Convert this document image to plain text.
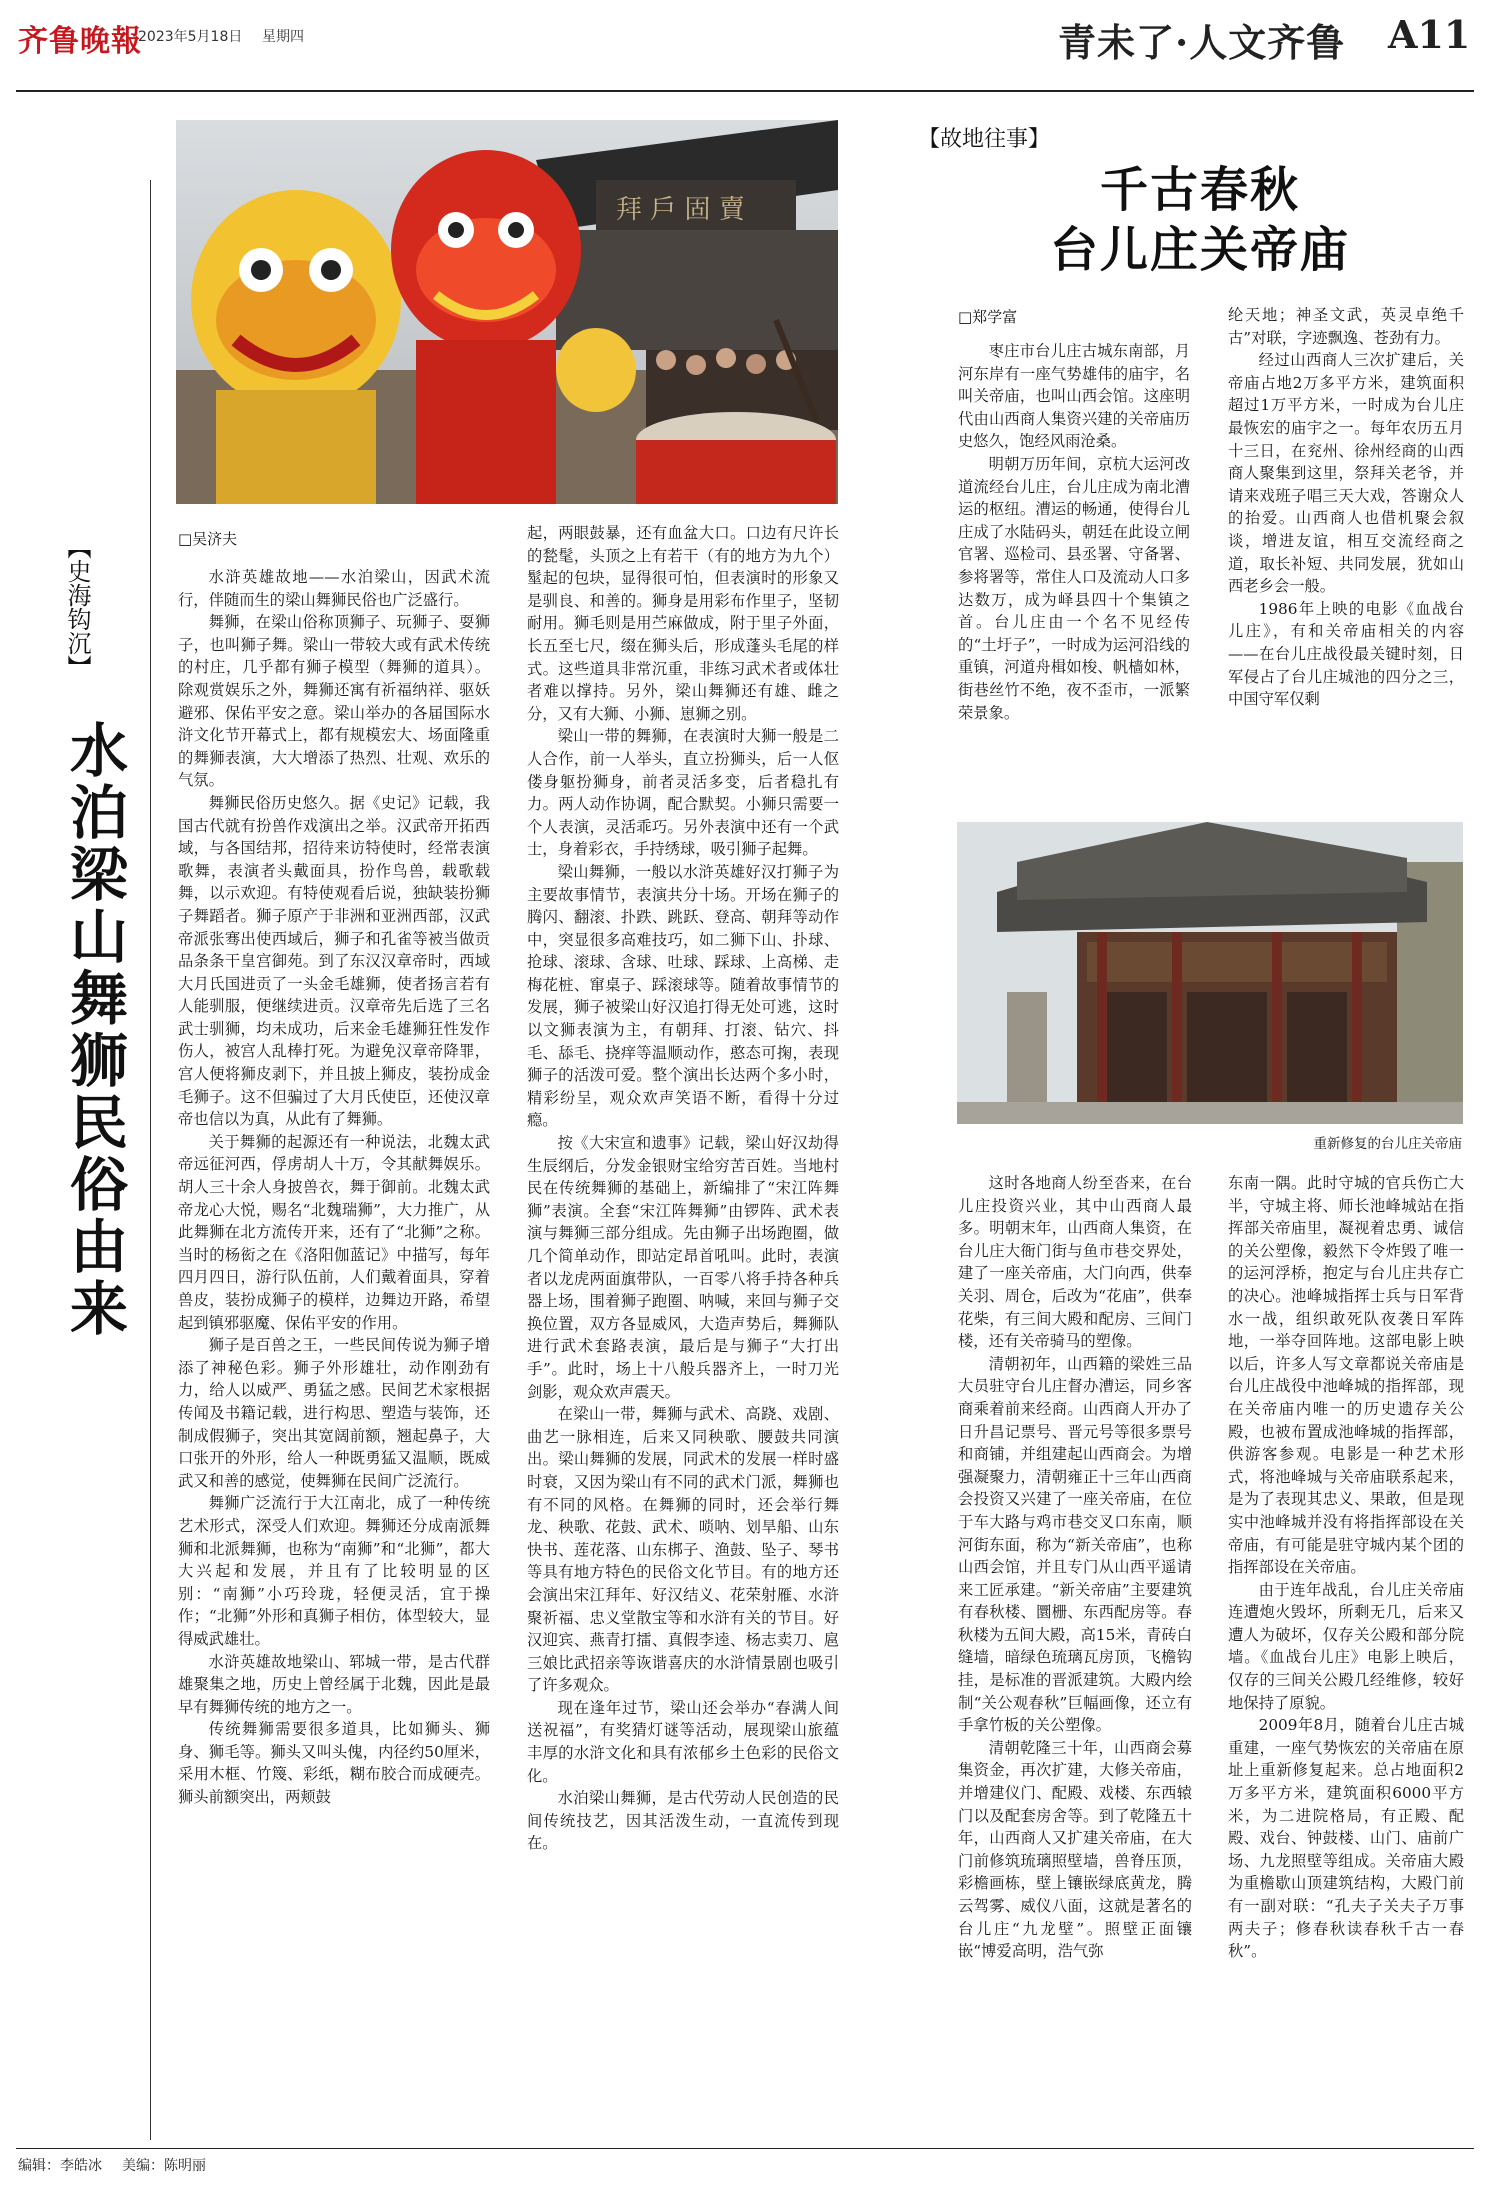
齐鲁晚報
2023年5月18日 星期四	青未了·人文齐鲁 A11
拜 戶 固 賣
【史海钩沉】
水泊梁山舞狮民俗由来
□吴济夫

水浒英雄故地——水泊梁山，因武术流行，伴随而生的梁山舞狮民俗也广泛盛行。

舞狮，在梁山俗称顶狮子、玩狮子、耍狮子，也叫狮子舞。梁山一带较大或有武术传统的村庄，几乎都有狮子模型（舞狮的道具）。除观赏娱乐之外，舞狮还寓有祈福纳祥、驱妖避邪、保佑平安之意。梁山举办的各届国际水浒文化节开幕式上，都有规模宏大、场面隆重的舞狮表演，大大增添了热烈、壮观、欢乐的气氛。

舞狮民俗历史悠久。据《史记》记载，我国古代就有扮兽作戏演出之举。汉武帝开拓西域，与各国结邦，招待来访特使时，经常表演歌舞，表演者头戴面具，扮作鸟兽，载歌载舞，以示欢迎。有特使观看后说，独缺装扮狮子舞蹈者。狮子原产于非洲和亚洲西部，汉武帝派张骞出使西域后，狮子和孔雀等被当做贡品条条干皇宫御苑。到了东汉汉章帝时，西域大月氏国进贡了一头金毛雄狮，使者扬言若有人能驯服，便继续进贡。汉章帝先后选了三名武士驯狮，均未成功，后来金毛雄狮狂性发作伤人，被宫人乱棒打死。为避免汉章帝降罪，宫人便将狮皮剥下，并且披上狮皮，装扮成金毛狮子。这不但骗过了大月氏使臣，还使汉章帝也信以为真，从此有了舞狮。

关于舞狮的起源还有一种说法，北魏太武帝远征河西，俘虏胡人十万，令其献舞娱乐。胡人三十余人身披兽衣，舞于御前。北魏太武帝龙心大悦，赐名“北魏瑞狮”，大力推广，从此舞狮在北方流传开来，还有了“北狮”之称。当时的杨衒之在《洛阳伽蓝记》中描写，每年四月四日，游行队伍前，人们戴着面具，穿着兽皮，装扮成狮子的模样，边舞边开路，希望起到镇邪驱魔、保佑平安的作用。

狮子是百兽之王，一些民间传说为狮子增添了神秘色彩。狮子外形雄壮，动作刚劲有力，给人以威严、勇猛之感。民间艺术家根据传闻及书籍记载，进行构思、塑造与装饰，还制成假狮子，突出其宽阔前额，翘起鼻子，大口张开的外形，给人一种既勇猛又温顺，既威武又和善的感觉，使舞狮在民间广泛流行。

舞狮广泛流行于大江南北，成了一种传统艺术形式，深受人们欢迎。舞狮还分成南派舞狮和北派舞狮，也称为“南狮”和“北狮”，都大大兴起和发展，并且有了比较明显的区别：“南狮”小巧玲珑，轻便灵活，宜于操作；“北狮”外形和真狮子相仿，体型较大，显得威武雄壮。

水浒英雄故地梁山、郓城一带，是古代群雄聚集之地，历史上曾经属于北魏，因此是最早有舞狮传统的地方之一。

传统舞狮需要很多道具，比如狮头、狮身、狮毛等。狮头又叫头傀，内径约50厘米，采用木框、竹篾、彩纸，糊布胶合而成硬壳。狮头前额突出，两颊鼓

起，两眼鼓暴，还有血盆大口。口边有尺许长的甃髦，头顶之上有若干（有的地方为九个）髽起的包块，显得很可怕，但表演时的形象又是驯良、和善的。狮身是用彩布作里子，坚韧耐用。狮毛则是用苎麻做成，附于里子外面，长五至七尺，缀在狮头后，形成蓬头毛尾的样式。这些道具非常沉重，非练习武术者或体壮者难以撑持。另外，梁山舞狮还有雄、雌之分，又有大狮、小狮、崽狮之别。

梁山一带的舞狮，在表演时大狮一般是二人合作，前一人举头，直立扮狮头，后一人伛偻身躯扮狮身，前者灵活多变，后者稳扎有力。两人动作协调，配合默契。小狮只需要一个人表演，灵活乖巧。另外表演中还有一个武士，身着彩衣，手持绣球，吸引狮子起舞。

梁山舞狮，一般以水浒英雄好汉打狮子为主要故事情节，表演共分十场。开场在狮子的腾闪、翻滚、扑跌、跳跃、登高、朝拜等动作中，突显很多高难技巧，如二狮下山、扑球、抢球、滚球、含球、吐球、踩球、上高梯、走梅花桩、窜桌子、踩滚球等。随着故事情节的发展，狮子被梁山好汉追打得无处可逃，这时以文狮表演为主，有朝拜、打滚、钻穴、抖毛、舔毛、挠痒等温顺动作，憨态可掬，表现狮子的活泼可爱。整个演出长达两个多小时，精彩纷呈，观众欢声笑语不断，看得十分过瘾。

按《大宋宣和遗事》记载，梁山好汉劫得生辰纲后，分发金银财宝给穷苦百姓。当地村民在传统舞狮的基础上，新编排了“宋江阵舞狮”表演。全套“宋江阵舞狮”由锣阵、武术表演与舞狮三部分组成。先由狮子出场跑圈，做几个简单动作，即站定昂首吼叫。此时，表演者以龙虎两面旗带队，一百零八将手持各种兵器上场，围着狮子跑圈、呐喊，来回与狮子交换位置，双方各显威风，大造声势后，舞狮队进行武术套路表演，最后是与狮子“大打出手”。此时，场上十八般兵器齐上，一时刀光剑影，观众欢声震天。

在梁山一带，舞狮与武术、高跷、戏剧、曲艺一脉相连，后来又同秧歌、腰鼓共同演出。梁山舞狮的发展，同武术的发展一样时盛时衰，又因为梁山有不同的武术门派，舞狮也有不同的风格。在舞狮的同时，还会举行舞龙、秧歌、花鼓、武术、唢呐、划旱船、山东快书、莲花落、山东梆子、渔鼓、坠子、琴书等具有地方特色的民俗文化节目。有的地方还会演出宋江拜年、好汉结义、花荣射雁、水浒聚祈福、忠义堂散宝等和水浒有关的节目。好汉迎宾、燕青打擂、真假李逵、杨志卖刀、扈三娘比武招亲等诙谐喜庆的水浒情景剧也吸引了许多观众。

现在逢年过节，梁山还会举办“春满人间送祝福”，有奖猜灯谜等活动，展现梁山旅蕴丰厚的水浒文化和具有浓郁乡土色彩的民俗文化。

水泊梁山舞狮，是古代劳动人民创造的民间传统技艺，因其活泼生动，一直流传到现在。

【故地往事】
千古春秋
台儿庄关帝庙
□郑学富

枣庄市台儿庄古城东南部，月河东岸有一座气势雄伟的庙宇，名叫关帝庙，也叫山西会馆。这座明代由山西商人集资兴建的关帝庙历史悠久，饱经风雨沧桑。

明朝万历年间，京杭大运河改道流经台儿庄，台儿庄成为南北漕运的枢纽。漕运的畅通，使得台儿庄成了水陆码头，朝廷在此设立闸官署、巡检司、县丞署、守备署、参将署等，常住人口及流动人口多达数万，成为峄县四十个集镇之首。台儿庄由一个名不见经传的“土圩子”，一时成为运河沿线的重镇，河道舟楫如梭、帆樯如林，街巷丝竹不绝，夜不歪市，一派繁荣景象。

纶天地；神圣文武，英灵卓绝千古”对联，字迹飘逸、苍劲有力。

经过山西商人三次扩建后，关帝庙占地2万多平方米，建筑面积超过1万平方米，一时成为台儿庄最恢宏的庙宇之一。每年农历五月十三日，在兖州、徐州经商的山西商人聚集到这里，祭拜关老爷，并请来戏班子唱三天大戏，答谢众人的抬爱。山西商人也借机聚会叙谈，增进友谊，相互交流经商之道，取长补短、共同发展，犹如山西老乡会一般。

1986年上映的电影《血战台儿庄》，有和关帝庙相关的内容——在台儿庄战役最关键时刻，日军侵占了台儿庄城池的四分之三，中国守军仅剩

重新修复的台儿庄关帝庙

这时各地商人纷至沓来，在台儿庄投资兴业，其中山西商人最多。明朝末年，山西商人集资，在台儿庄大衙门街与鱼市巷交界处，建了一座关帝庙，大门向西，供奉关羽、周仓，后改为“花庙”，供奉花柴，有三间大殿和配房、三间门楼，还有关帝骑马的塑像。

清朝初年，山西籍的梁姓三品大员驻守台儿庄督办漕运，同乡客商乘着前来经商。山西商人开办了日升昌记票号、晋元号等很多票号和商铺，并组建起山西商会。为增强凝聚力，清朝雍正十三年山西商会投资又兴建了一座关帝庙，在位于车大路与鸡市巷交叉口东南，顺河街东面，称为“新关帝庙”，也称山西会馆，并且专门从山西平遥请来工匠承建。“新关帝庙”主要建筑有春秋楼、圜栅、东西配房等。春秋楼为五间大殿，高15米，青砖白缝墙，暗绿色琉璃瓦房顶，飞檐钩挂，是标准的晋派建筑。大殿内绘制“关公观春秋”巨幅画像，还立有手拿竹板的关公塑像。

清朝乾隆三十年，山西商会募集资金，再次扩建，大修关帝庙，并增建仪门、配殿、戏楼、东西辕门以及配套房舍等。到了乾隆五十年，山西商人又扩建关帝庙，在大门前修筑琉璃照壁墙，兽脊压顶，彩檐画栋，壁上镶嵌绿底黄龙，腾云驾雾、威仪八面，这就是著名的台儿庄“九龙壁”。照壁正面镶嵌“博爱高明，浩气弥

东南一隅。此时守城的官兵伤亡大半，守城主将、师长池峰城站在指挥部关帝庙里，凝视着忠勇、诚信的关公塑像，毅然下令炸毁了唯一的运河浮桥，抱定与台儿庄共存亡的决心。池峰城指挥士兵与日军背水一战，组织敢死队夜袭日军阵地，一举夺回阵地。这部电影上映以后，许多人写文章都说关帝庙是台儿庄战役中池峰城的指挥部，现在关帝庙内唯一的历史遗存关公殿，也被布置成池峰城的指挥部，供游客参观。电影是一种艺术形式，将池峰城与关帝庙联系起来，是为了表现其忠义、果敢，但是现实中池峰城并没有将指挥部设在关帝庙，有可能是驻守城内某个团的指挥部设在关帝庙。

由于连年战乱，台儿庄关帝庙连遭炮火毁坏，所剩无几，后来又遭人为破坏，仅存关公殿和部分院墙。《血战台儿庄》电影上映后，仅存的三间关公殿几经维修，较好地保持了原貌。

2009年8月，随着台儿庄古城重建，一座气势恢宏的关帝庙在原址上重新修复起来。总占地面积2万多平方米，建筑面积6000平方米，为二进院格局，有正殿、配殿、戏台、钟鼓楼、山门、庙前广场、九龙照壁等组成。关帝庙大殿为重檐歇山顶建筑结构，大殿门前有一副对联：“孔夫子关夫子万事两夫子；修春秋读春秋千古一春秋”。

编辑：李皓冰 美编：陈明丽
